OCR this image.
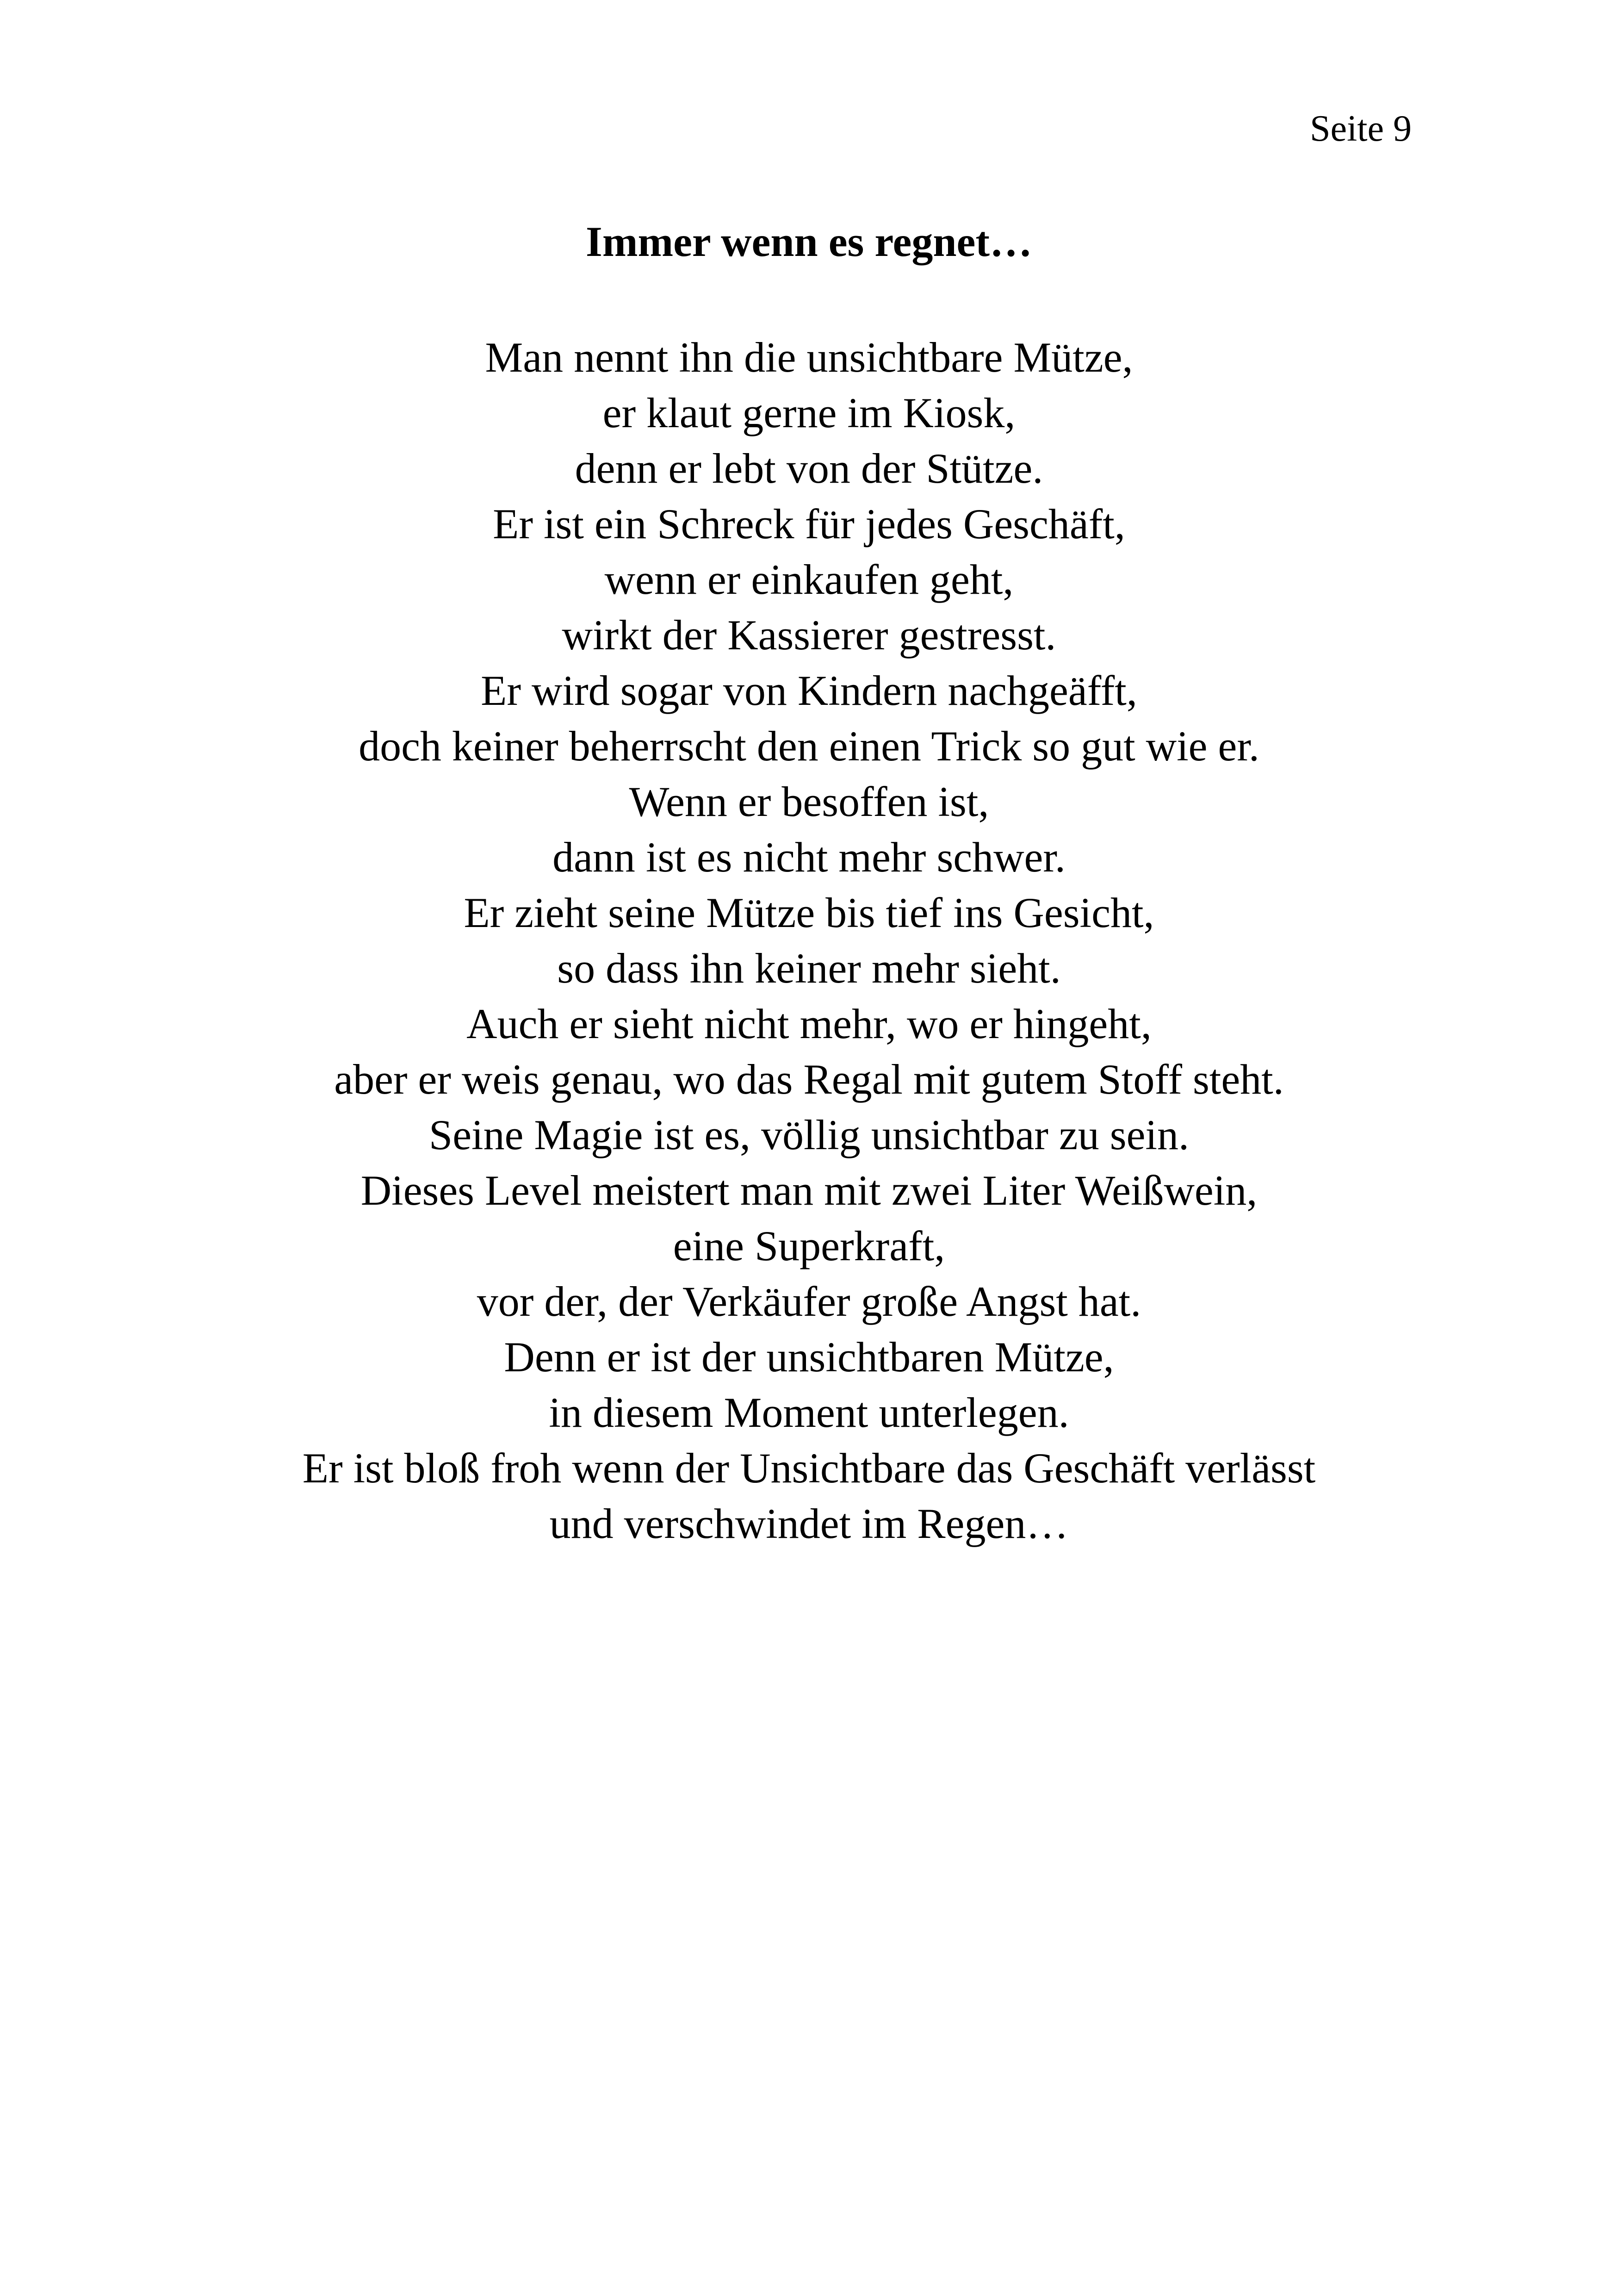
Seite 9
Immer wenn es regnet…
Man nennt ihn die unsichtbare Mütze,
er klaut gerne im Kiosk,
denn er lebt von der Stütze.
Er ist ein Schreck für jedes Geschäft,
wenn er einkaufen geht,
wirkt der Kassierer gestresst.
Er wird sogar von Kindern nachgeäfft,
doch keiner beherrscht den einen Trick so gut wie er.
Wenn er besoffen ist,
dann ist es nicht mehr schwer.
Er zieht seine Mütze bis tief ins Gesicht,
so dass ihn keiner mehr sieht.
Auch er sieht nicht mehr, wo er hingeht,
aber er weis genau, wo das Regal mit gutem Stoff steht.
Seine Magie ist es, völlig unsichtbar zu sein.
Dieses Level meistert man mit zwei Liter Weißwein,
eine Superkraft,
vor der, der Verkäufer große Angst hat.
Denn er ist der unsichtbaren Mütze,
in diesem Moment unterlegen.
Er ist bloß froh wenn der Unsichtbare das Geschäft verlässt
und verschwindet im Regen…
